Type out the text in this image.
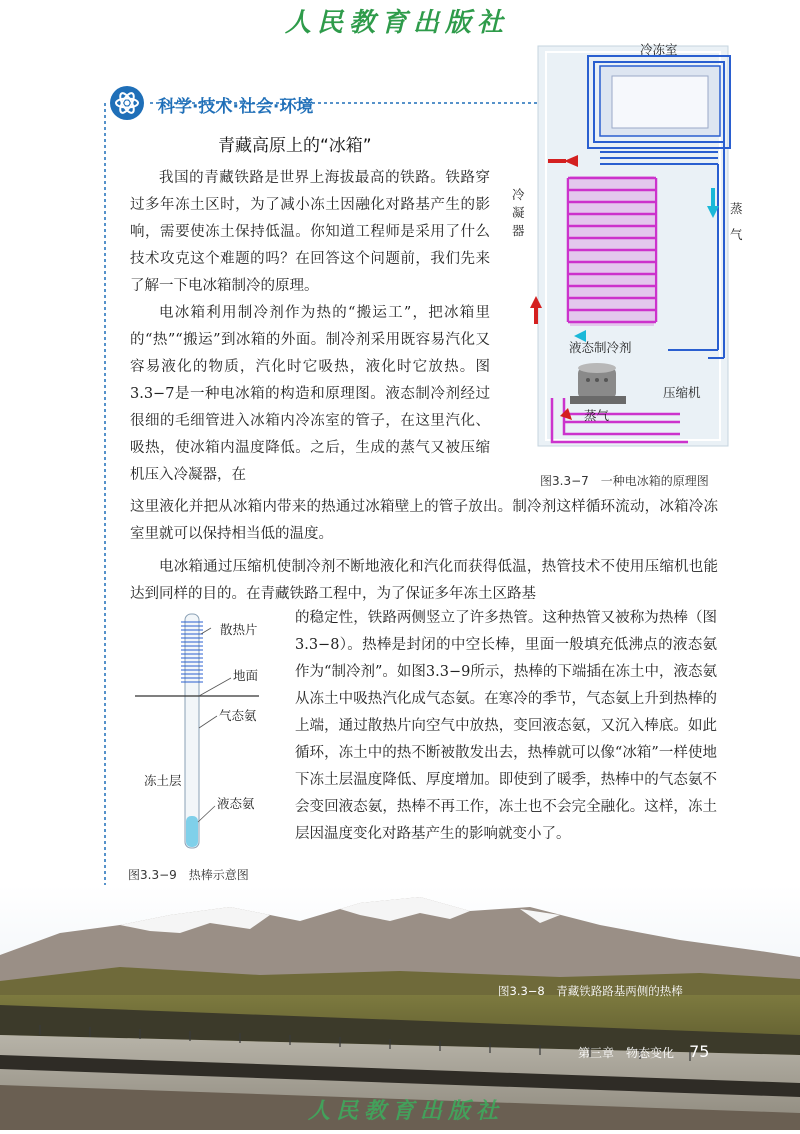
人民教育出版社
科学·技术·社会·环境
青藏高原上的“冰箱”

我国的青藏铁路是世界上海拔最高的铁路。铁路穿过多年冻土区时，为了减小冻土因融化对路基产生的影响，需要使冻土保持低温。你知道工程师是采用了什么技术攻克这个难题的吗？在回答这个问题前，我们先来了解一下电冰箱制冷的原理。

电冰箱利用制冷剂作为热的“搬运工”，把冰箱里的“热”“搬运”到冰箱的外面。制冷剂采用既容易汽化又容易液化的物质，汽化时它吸热，液化时它放热。图3.3−7是一种电冰箱的构造和原理图。液态制冷剂经过很细的毛细管进入冰箱内冷冻室的管子，在这里汽化、吸热，使冰箱内温度降低。之后，生成的蒸气又被压缩机压入冷凝器，在

这里液化并把从冰箱内带来的热通过冰箱壁上的管子放出。制冷剂这样循环流动，冰箱冷冻室里就可以保持相当低的温度。

电冰箱通过压缩机使制冷剂不断地液化和汽化而获得低温，热管技术不使用压缩机也能达到同样的目的。在青藏铁路工程中，为了保证多年冻土区路基

的稳定性，铁路两侧竖立了许多热管。这种热管又被称为热棒（图3.3−8）。热棒是封闭的中空长棒，里面一般填充低沸点的液态氨作为“制冷剂”。如图3.3−9所示，热棒的下端插在冻土中，液态氨从冻土中吸热汽化成气态氨。在寒冷的季节，气态氨上升到热棒的上端，通过散热片向空气中放热，变回液态氨，又沉入棒底。如此循环，冻土中的热不断被散发出去，热棒就可以像“冰箱”一样使地下冻土层温度降低、厚度增加。即使到了暖季，热棒中的气态氨不会变回液态氨，热棒不再工作，冻土也不会完全融化。这样，冻土层因温度变化对路基产生的影响就变小了。

冷冻室
冷凝器
蒸气
液态制冷剂
压缩机
蒸气
图3.3−7　一种电冰箱的原理图
散热片
地面
气态氨
冻土层
液态氨
图3.3−9　热棒示意图
图3.3−8　青藏铁路路基两侧的热棒
第三章　物态变化 75
人民教育出版社
